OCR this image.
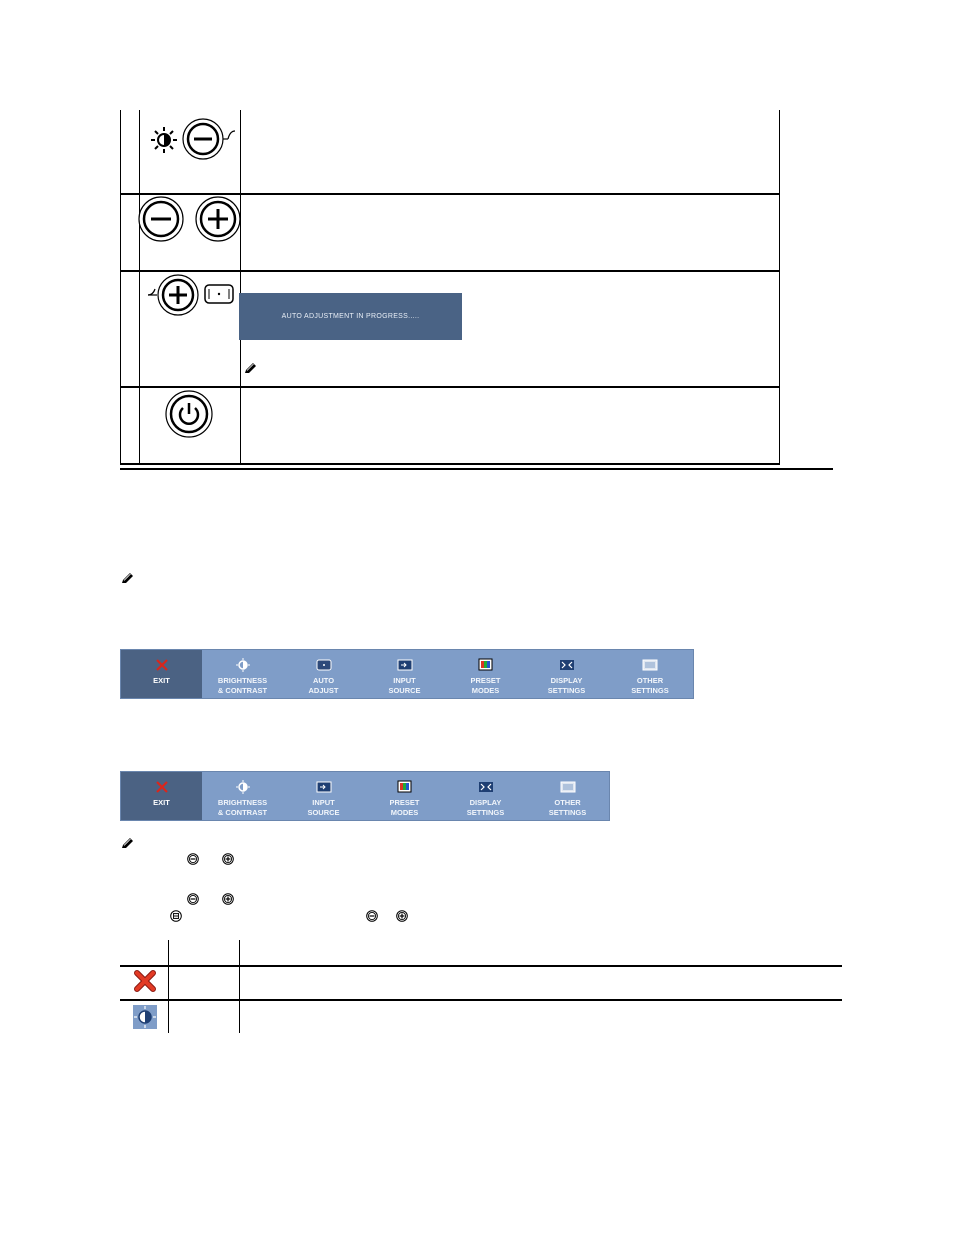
AUTO ADJUSTMENT IN PROGRESS.....
EXIT	BRIGHTNESS
& CONTRAST
AUTO
ADJUST
INPUT
SOURCE
PRESET
MODES
DISPLAY
SETTINGS
OTHER
SETTINGS
EXIT	BRIGHTNESS
& CONTRAST
INPUT
SOURCE
PRESET
MODES
DISPLAY
SETTINGS
OTHER
SETTINGS
